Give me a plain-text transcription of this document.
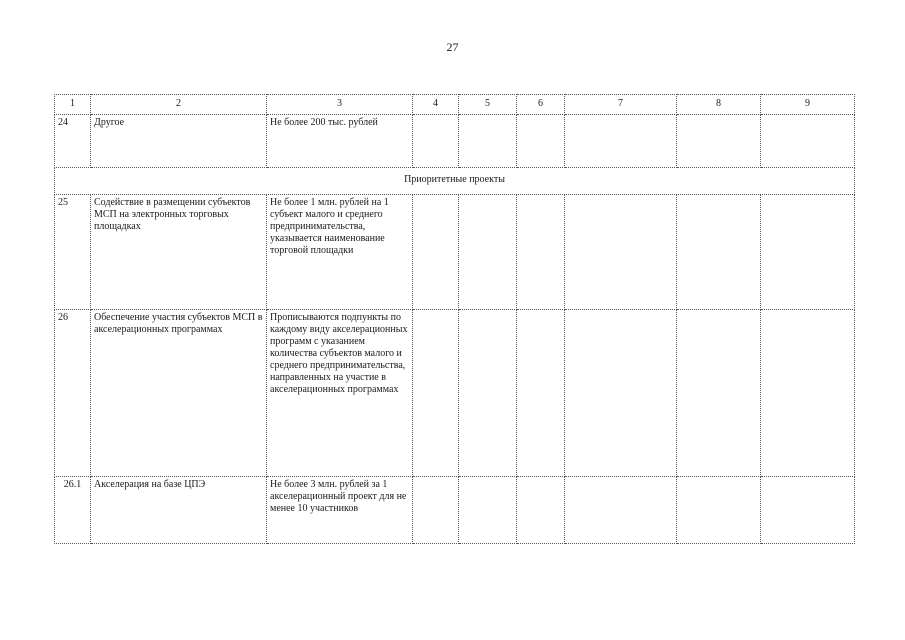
27
1	2	3	4	5	6	7	8	9
24	Другое	Не более 200 тыс. рублей						
Приоритетные проекты								
25	Содействие в размещении субъектов МСП на электронных торговых площадках	Не более 1 млн. рублей на 1 субъект малого и среднего предпринимательства, указывается наименование торговой площадки						
26	Обеспечение участия субъектов МСП в акселерационных программах	Прописываются подпункты по каждому виду акселерационных программ с указанием количества субъектов малого и среднего предпринимательства, направленных на участие в акселерационных программах						
26.1	Акселерация на базе ЦПЭ	Не более 3 млн. рублей за 1 акселерационный проект для не менее 10 участников						
